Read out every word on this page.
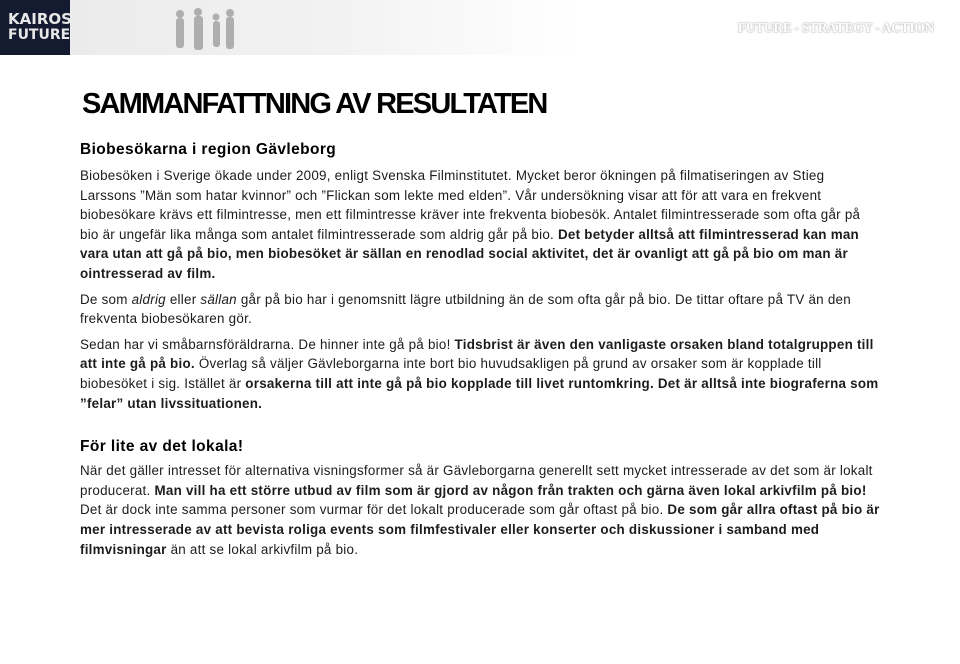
KAIROS
FUTURE	FUTURE - STRATEGY - ACTION
SAMMANFATTNING AV RESULTATEN
Biobesökarna i region Gävleborg

Biobesöken i Sverige ökade under 2009, enligt Svenska Filminstitutet. Mycket beror ökningen på filmatiseringen av Stieg Larssons ”Män som hatar kvinnor” och ”Flickan som lekte med elden”. Vår undersökning visar att för att vara en frekvent biobesökare krävs ett filmintresse, men ett filmintresse kräver inte frekventa biobesök. Antalet filmintresserade som ofta går på bio är ungefär lika många som antalet filmintresserade som aldrig går på bio. Det betyder alltså att filmintresserad kan man vara utan att gå på bio, men biobesöket är sällan en renodlad social aktivitet, det är ovanligt att gå på bio om man är ointresserad av film.

De som aldrig eller sällan går på bio har i genomsnitt lägre utbildning än de som ofta går på bio. De tittar oftare på TV än den frekventa biobesökaren gör.

Sedan har vi småbarnsföräldrarna. De hinner inte gå på bio! Tidsbrist är även den vanligaste orsaken bland totalgruppen till att inte gå på bio. Överlag så väljer Gävleborgarna inte bort bio huvudsakligen på grund av orsaker som är kopplade till biobesöket i sig. Istället är orsakerna till att inte gå på bio kopplade till livet runtomkring. Det är alltså inte biograferna som ”felar” utan livssituationen.

För lite av det lokala!

När det gäller intresset för alternativa visningsformer så är Gävleborgarna generellt sett mycket intresserade av det som är lokalt producerat. Man vill ha ett större utbud av film som är gjord av någon från trakten och gärna även lokal arkivfilm på bio! Det är dock inte samma personer som vurmar för det lokalt producerade som går oftast på bio. De som går allra oftast på bio är mer intresserade av att bevista roliga events som filmfestivaler eller konserter och diskussioner i samband med filmvisningar än att se lokal arkivfilm på bio.
